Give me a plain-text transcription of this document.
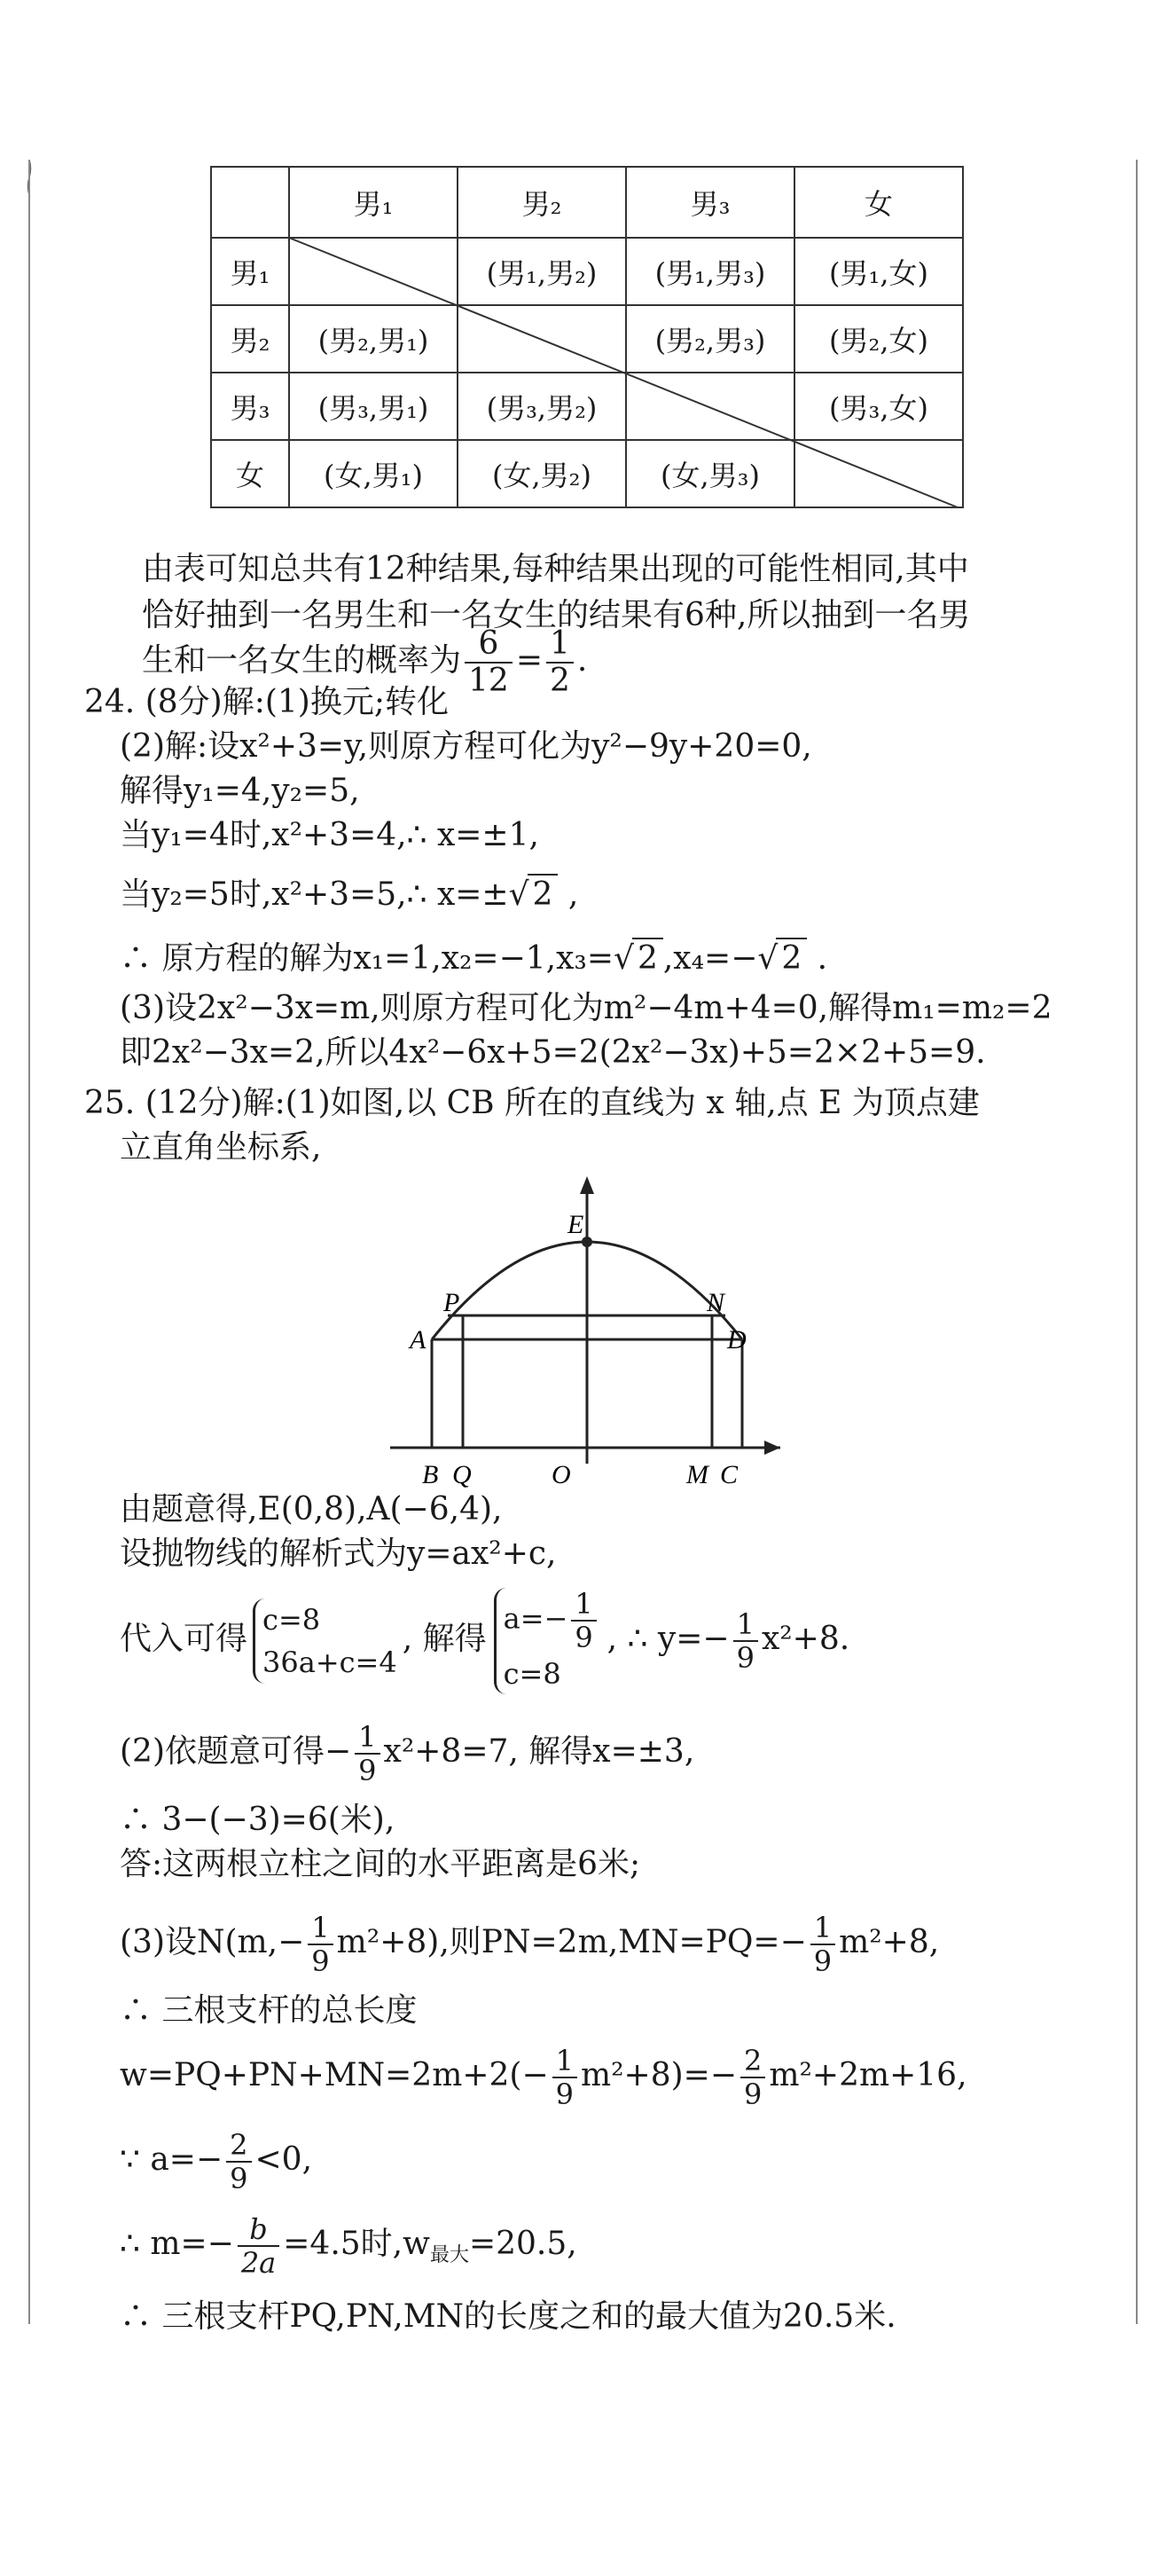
	男₁	男₂	男₃	女
男₁		(男₁,男₂)	(男₁,男₃)	(男₁,女)
男₂	(男₂,男₁)		(男₂,男₃)	(男₂,女)
男₃	(男₃,男₁)	(男₃,男₂)		(男₃,女)
女	(女,男₁)	(女,男₂)	(女,男₃)	
由表可知总共有12种结果,每种结果出现的可能性相同,其中
恰好抽到一名男生和一名女生的结果有6种,所以抽到一名男
生和一名女生的概率为 $\frac{6}{12} = \frac{1}{2}$ .
24. (8分)解:(1)换元;转化
(2)解:设x²+3=y,则原方程可化为y²−9y+20=0,
解得y₁=4,y₂=5,
当y₁=4时,x²+3=4,∴ x=±1,
当y₂=5时,x²+3=5,∴ x=±√ 2 ,
∴ 原方程的解为x₁=1,x₂=−1,x₃=√ 2 ,x₄=−√ 2 .
(3)设2x²−3x=m,则原方程可化为m²−4m+4=0,解得m₁=m₂=2
即2x²−3x=2,所以4x²−6x+5=2(2x²−3x)+5=2×2+5=9.
25. (12分)解:(1)如图,以 CB 所在的直线为 x 轴,点 E 为顶点建
立直角坐标系,
E
P	N
A	D
B Q	O	M C
由题意得,E(0,8),A(−6,4),
设抛物线的解析式为y=ax²+c,
代入可得
c=8
36a+c=4
, 解得
$a=- \frac{1}{9}$
c=8
, ∴ $y=- \frac{1}{9} x^2+8$.
(2)依题意可得− $\frac{1}{9} x^2+8=7$, 解得x=±3,
∴ 3−(−3)=6(米),
答:这两根立柱之间的水平距离是6米;
(3)设$N(m,- \frac{1}{9} m^2+8)$,则$PN=2m,MN=PQ=- \frac{1}{9} m^2+8$,
∴ 三根支杆的总长度
$w=PQ+PN+MN=2m+2(- \frac{1}{9} m^2+8)=- \frac{2}{9} m^2+2m+16$,
∵ $a=- \frac{2}{9} <0$,
∴ $m=- \frac{b}{2a} =4.5$时$,w_{最大}=20.5$,
∴ 三根支杆PQ,PN,MN的长度之和的最大值为20.5米.
